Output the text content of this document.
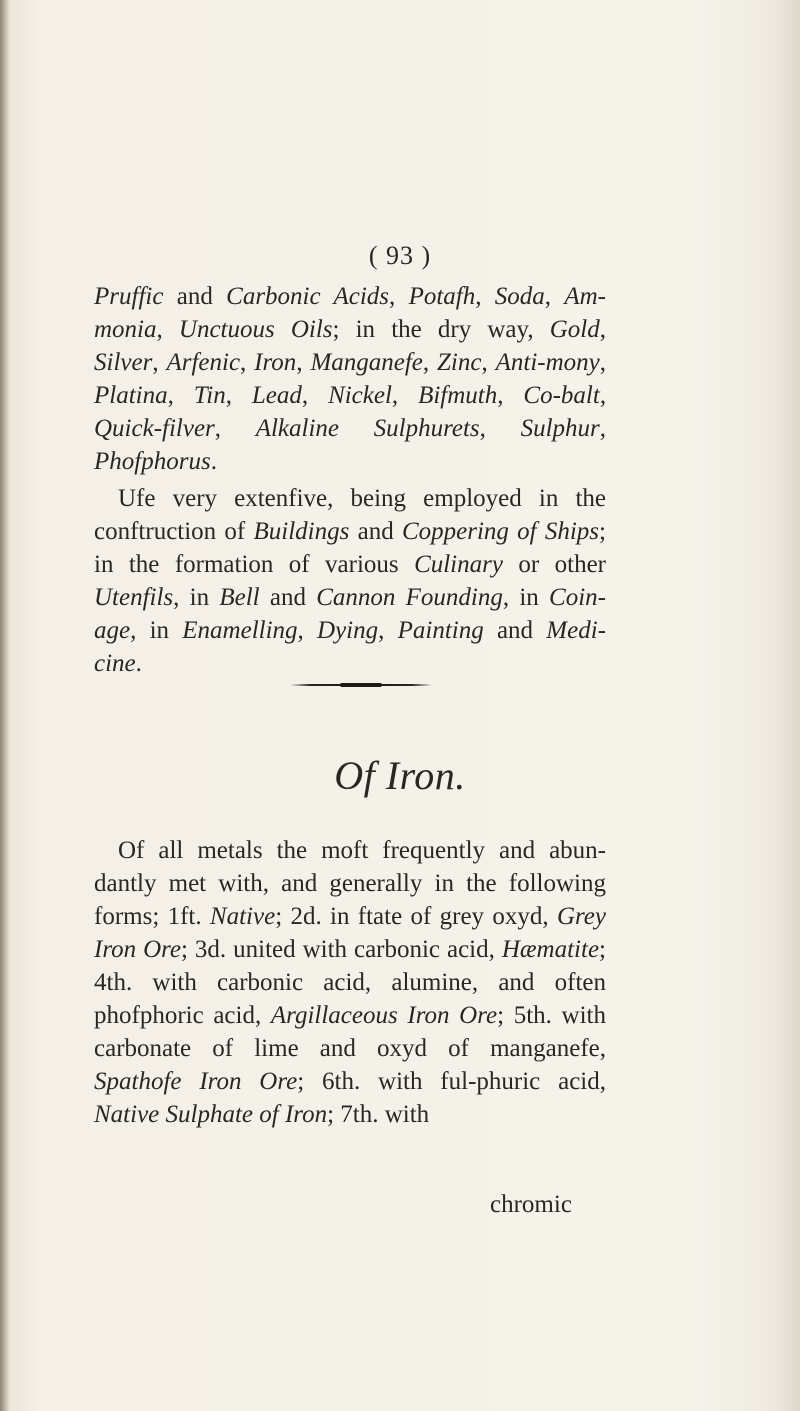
( 93 )
Pruffic and Carbonic Acids, Potafh, Soda, Am-monia, Unctuous Oils; in the dry way, Gold, Silver, Arfenic, Iron, Manganefe, Zinc, Anti-mony, Platina, Tin, Lead, Nickel, Bifmuth, Co-balt, Quick-filver, Alkaline Sulphurets, Sulphur, Phofphorus.
Ufe very extenfive, being employed in the conftruction of Buildings and Coppering of Ships; in the formation of various Culinary or other Utenfils, in Bell and Cannon Founding, in Coin-age, in Enamelling, Dying, Painting and Medi-cine.
Of Iron.
Of all metals the moft frequently and abun-dantly met with, and generally in the following forms; 1ft. Native; 2d. in ftate of grey oxyd, Grey Iron Ore; 3d. united with carbonic acid, Hæmatite; 4th. with carbonic acid, alumine, and often phofphoric acid, Argillaceous Iron Ore; 5th. with carbonate of lime and oxyd of manganefe, Spathofe Iron Ore; 6th. with ful-phuric acid, Native Sulphate of Iron; 7th. with
chromic
